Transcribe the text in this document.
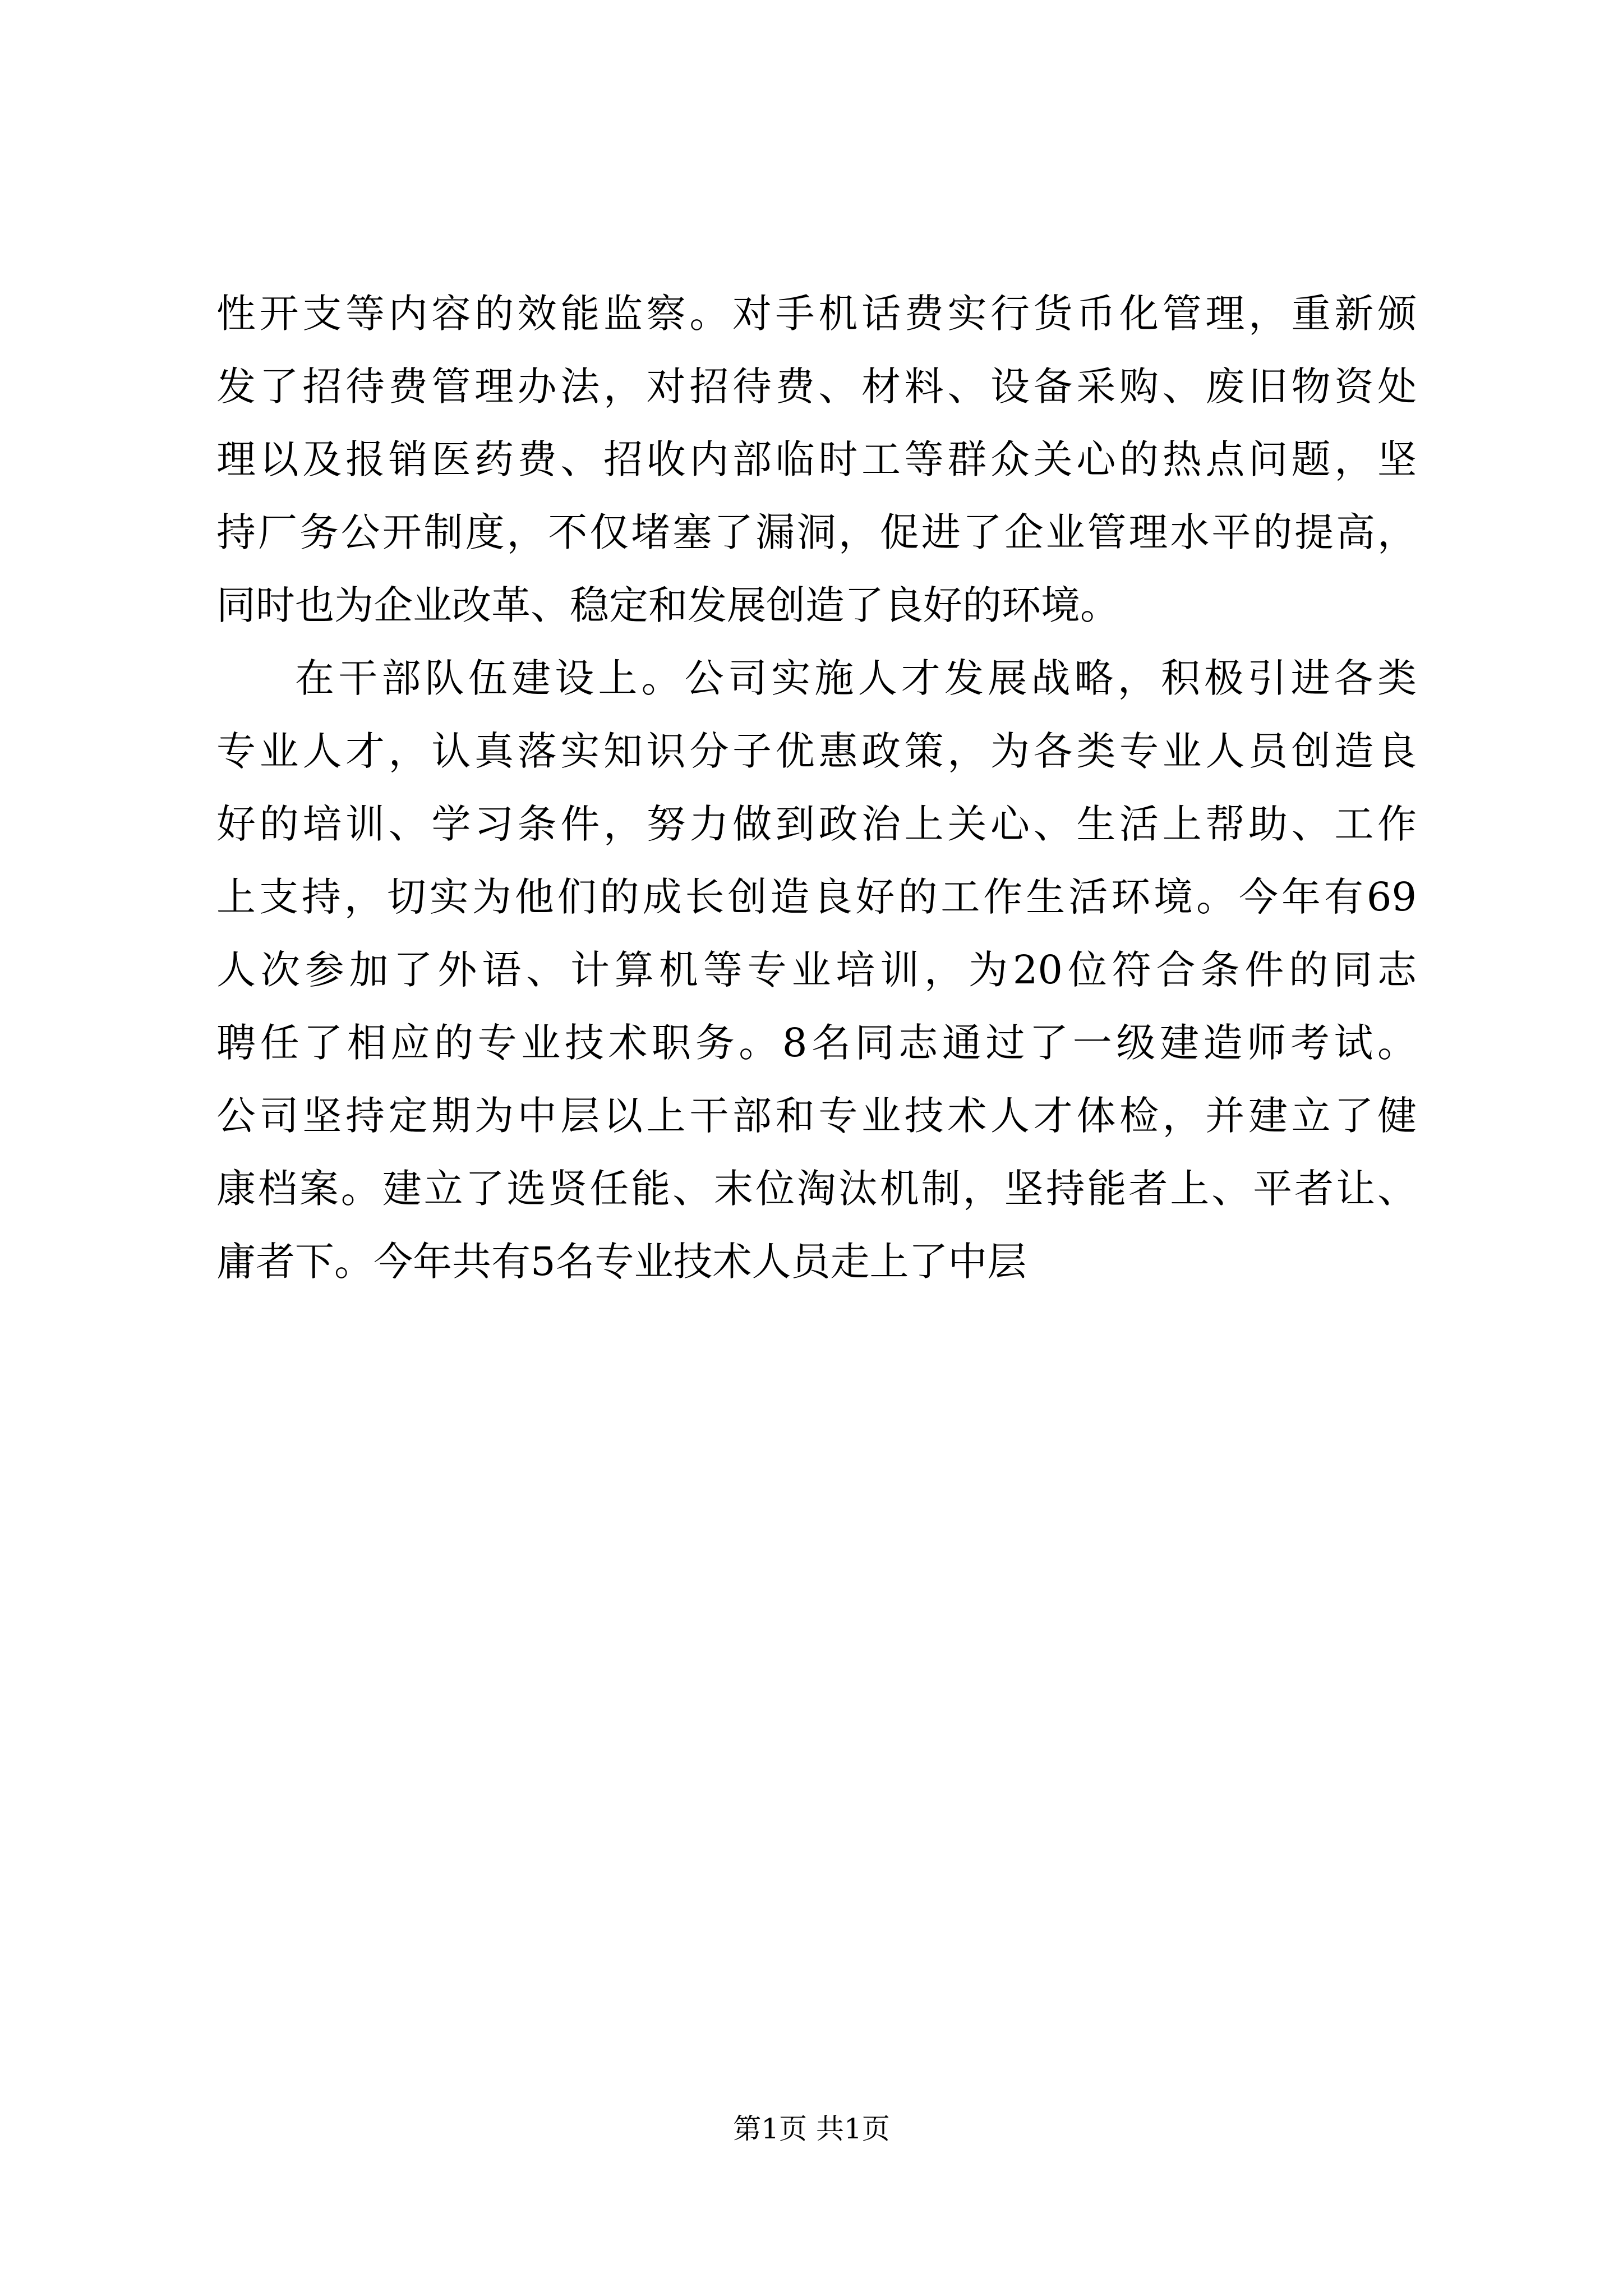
性开支等内容的效能监察。对手机话费实行货币化管理，重新颁
发了招待费管理办法，对招待费、材料、设备采购、废旧物资处
理以及报销医药费、招收内部临时工等群众关心的热点问题，坚
持厂务公开制度，不仅堵塞了漏洞，促进了企业管理水平的提高，
同时也为企业改革、稳定和发展创造了良好的环境。
在干部队伍建设上。公司实施人才发展战略，积极引进各类
专业人才，认真落实知识分子优惠政策，为各类专业人员创造良
好的培训、学习条件，努力做到政治上关心、生活上帮助、工作
上支持，切实为他们的成长创造良好的工作生活环境。今年有69
人次参加了外语、计算机等专业培训，为20位符合条件的同志
聘任了相应的专业技术职务。8名同志通过了一级建造师考试。
公司坚持定期为中层以上干部和专业技术人才体检，并建立了健
康档案。建立了选贤任能、末位淘汰机制，坚持能者上、平者让、
庸者下。今年共有5名专业技术人员走上了中层
第1页 共1页
